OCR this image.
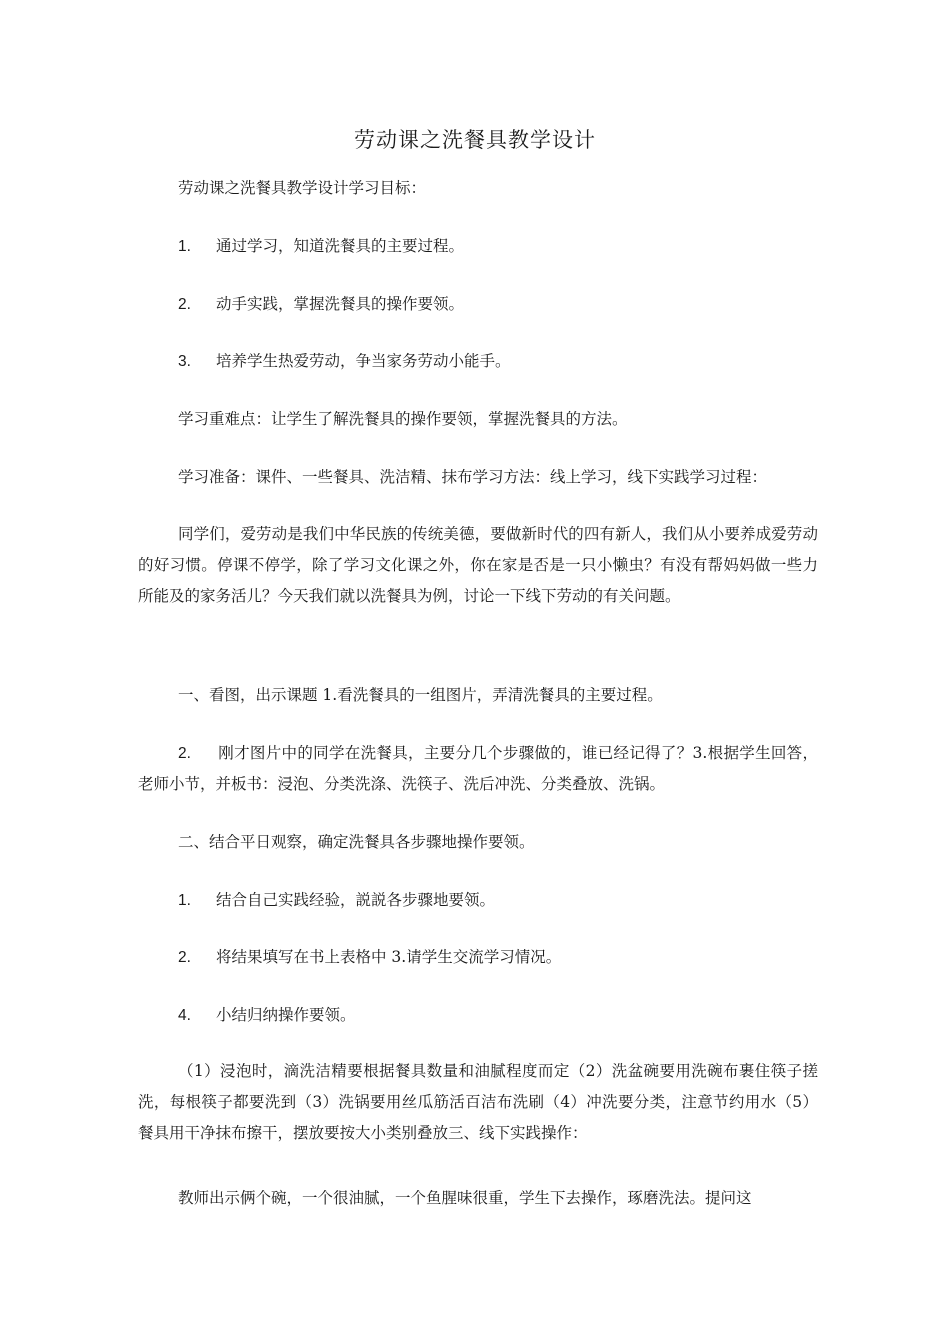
劳动课之洗餐具教学设计

劳动课之洗餐具教学设计学习目标：

1. 通过学习，知道洗餐具的主要过程。

2. 动手实践，掌握洗餐具的操作要领。

3. 培养学生热爱劳动，争当家务劳动小能手。

学习重难点：让学生了解洗餐具的操作要领，掌握洗餐具的方法。

学习准备：课件、一些餐具、洗洁精、抹布学习方法：线上学习，线下实践学习过程：

同学们，爱劳动是我们中华民族的传统美德，要做新时代的四有新人，我们从小要养成爱劳动的好习惯。停课不停学，除了学习文化课之外，你在家是否是一只小懒虫？有没有帮妈妈做一些力所能及的家务活儿？今天我们就以洗餐具为例，讨论一下线下劳动的有关问题。

一、看图，出示课题 1.看洗餐具的一组图片，弄清洗餐具的主要过程。

2. 刚才图片中的同学在洗餐具，主要分几个步骤做的，谁已经记得了？3.根据学生回答，老师小节，并板书：浸泡、分类洗涤、洗筷子、洗后冲洗、分类叠放、洗锅。

二、结合平日观察，确定洗餐具各步骤地操作要领。

1. 结合自己实践经验，説説各步骤地要领。

2. 将结果填写在书上表格中 3.请学生交流学习情况。

4. 小结归纳操作要领。

（1）浸泡时，滴洗洁精要根据餐具数量和油腻程度而定（2）洗盆碗要用洗碗布裹住筷子搓洗，每根筷子都要洗到（3）洗锅要用丝瓜筋活百洁布洗刷（4）冲洗要分类，注意节约用水（5）餐具用干净抹布擦干，摆放要按大小类别叠放三、线下实践操作：

教师出示俩个碗，一个很油腻，一个鱼腥味很重，学生下去操作，琢磨洗法。提问这
